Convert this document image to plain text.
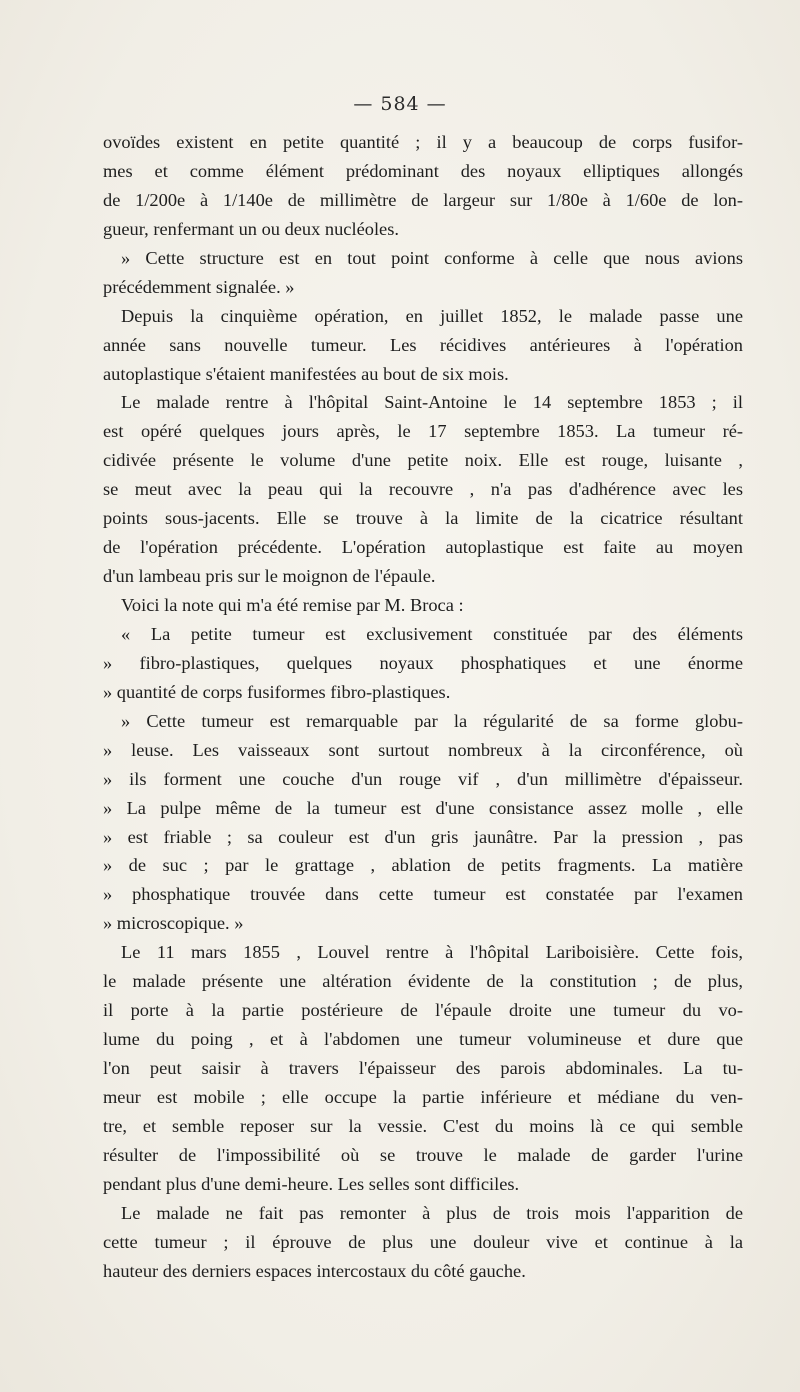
— 584 —
ovoïdes existent en petite quantité ; il y a beaucoup de corps fusifor-
mes et comme élément prédominant des noyaux elliptiques allongés
de 1/200e à 1/140e de millimètre de largeur sur 1/80e à 1/60e de lon-
gueur, renfermant un ou deux nucléoles.
» Cette structure est en tout point conforme à celle que nous avions
précédemment signalée. »
Depuis la cinquième opération, en juillet 1852, le malade passe une
année sans nouvelle tumeur. Les récidives antérieures à l'opération
autoplastique s'étaient manifestées au bout de six mois.
Le malade rentre à l'hôpital Saint-Antoine le 14 septembre 1853 ; il
est opéré quelques jours après, le 17 septembre 1853. La tumeur ré-
cidivée présente le volume d'une petite noix. Elle est rouge, luisante ,
se meut avec la peau qui la recouvre , n'a pas d'adhérence avec les
points sous-jacents. Elle se trouve à la limite de la cicatrice résultant
de l'opération précédente. L'opération autoplastique est faite au moyen
d'un lambeau pris sur le moignon de l'épaule.
Voici la note qui m'a été remise par M. Broca :
« La petite tumeur est exclusivement constituée par des éléments
» fibro-plastiques, quelques noyaux phosphatiques et une énorme
» quantité de corps fusiformes fibro-plastiques.
» Cette tumeur est remarquable par la régularité de sa forme globu-
» leuse. Les vaisseaux sont surtout nombreux à la circonférence, où
» ils forment une couche d'un rouge vif , d'un millimètre d'épaisseur.
» La pulpe même de la tumeur est d'une consistance assez molle , elle
» est friable ; sa couleur est d'un gris jaunâtre. Par la pression , pas
» de suc ; par le grattage , ablation de petits fragments. La matière
» phosphatique trouvée dans cette tumeur est constatée par l'examen
» microscopique. »
Le 11 mars 1855 , Louvel rentre à l'hôpital Lariboisière. Cette fois,
le malade présente une altération évidente de la constitution ; de plus,
il porte à la partie postérieure de l'épaule droite une tumeur du vo-
lume du poing , et à l'abdomen une tumeur volumineuse et dure que
l'on peut saisir à travers l'épaisseur des parois abdominales. La tu-
meur est mobile ; elle occupe la partie inférieure et médiane du ven-
tre, et semble reposer sur la vessie. C'est du moins là ce qui semble
résulter de l'impossibilité où se trouve le malade de garder l'urine
pendant plus d'une demi-heure. Les selles sont difficiles.
Le malade ne fait pas remonter à plus de trois mois l'apparition de
cette tumeur ; il éprouve de plus une douleur vive et continue à la
hauteur des derniers espaces intercostaux du côté gauche.
